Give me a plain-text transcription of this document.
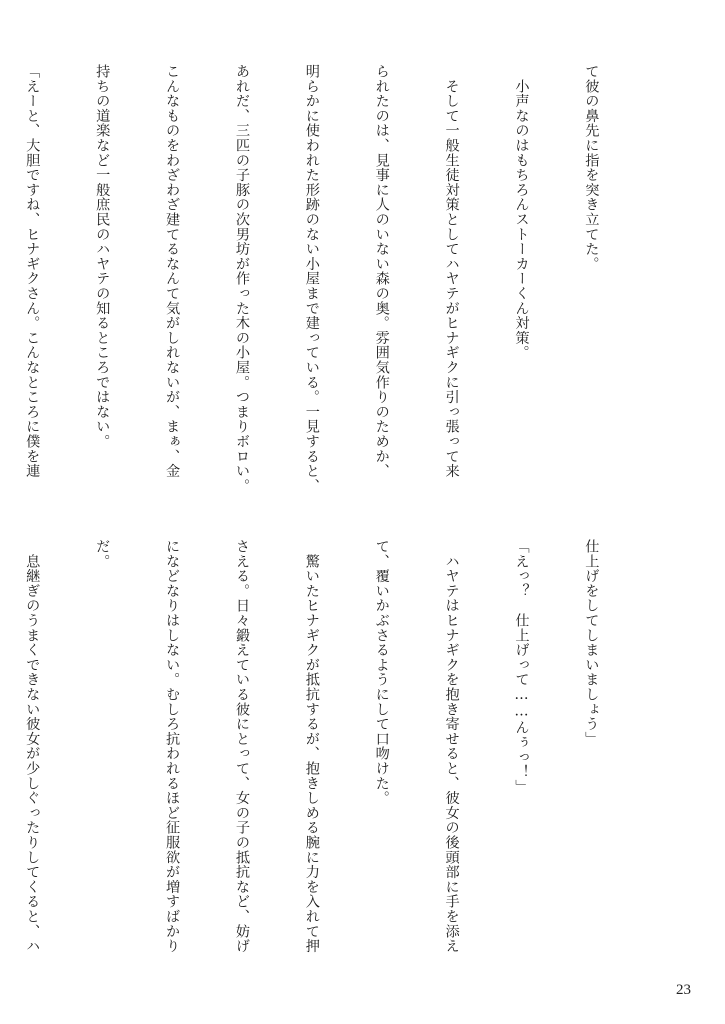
て彼の鼻先に指を突き立てた。

　小声なのはもちろんストーカーくん対策。

　そして一般生徒対策としてハヤテがヒナギクに引っ張って来

られたのは、見事に人のいない森の奥。雰囲気作りのためか、

明らかに使われた形跡のない小屋まで建っている。一見すると、

あれだ、三匹の子豚の次男坊が作った木の小屋。つまりボロい。

こんなものをわざわざ建てるなんて気がしれないが、まぁ、金

持ちの道楽など一般庶民のハヤテの知るところではない。

「えーと、大胆ですね、ヒナギクさん。こんなところに僕を連

仕上げをしてしまいましょう」

「えっ？　仕上げって……んぅっ！」

　ハヤテはヒナギクを抱き寄せると、彼女の後頭部に手を添え

て、覆いかぶさるようにして口吻けた。

　驚いたヒナギクが抵抗するが、抱きしめる腕に力を入れて押

さえる。日々鍛えている彼にとって、女の子の抵抗など、妨げ

になどなりはしない。むしろ抗われるほど征服欲が増すばかり

だ。

　息継ぎのうまくできない彼女が少しぐったりしてくると、ハ

23
